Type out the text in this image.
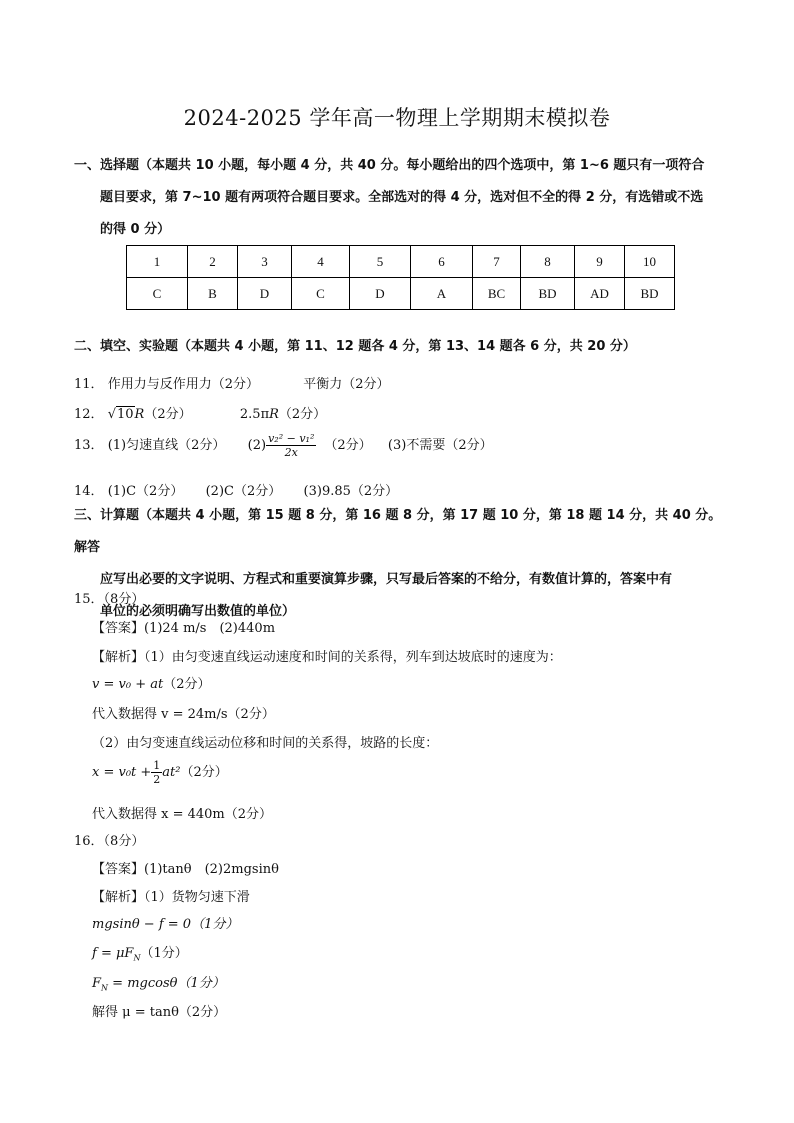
2024-2025 学年高一物理上学期期末模拟卷
一、选择题（本题共 10 小题，每小题 4 分，共 40 分。每小题给出的四个选项中，第 1~6 题只有一项符合
题目要求，第 7~10 题有两项符合题目要求。全部选对的得 4 分，选对但不全的得 2 分，有选错或不选
的得 0 分）
1	2	3	4	5	6	7	8	9	10
C	B	D	C	D	A	BC	BD	AD	BD
二、填空、实验题（本题共 4 小题，第 11、12 题各 4 分，第 13、14 题各 6 分，共 20 分）
11． 作用力与反作用力（2分）	平衡力（2分）
12． √10R（2分）	2.5πR（2分）
13． (1)匀速直线（2分） $(2) \frac{\text{v₂² − v₁²}}{2x} (2$分） (3)不需要（2分）
14． (1)C（2分） (2)C（2分） (3)9.85（2分）
三、计算题（本题共 4 小题，第 15 题 8 分，第 16 题 8 分，第 17 题 10 分，第 18 题 14 分，共 40 分。解答
应写出必要的文字说明、方程式和重要演算步骤，只写最后答案的不给分，有数值计算的，答案中有
单位的必须明确写出数值的单位）
15．（8分）
【答案】(1)24 m/s　(2)440m
【解析】（1）由匀变速直线运动速度和时间的关系得，列车到达坡底时的速度为：
v = v₀ + at（2分）
代入数据得 v = 24m/s（2分）
（2）由匀变速直线运动位移和时间的关系得，坡路的长度：
$x = v_0t + \frac{1}{2} at^2(2$分）
代入数据得 x = 440m（2分）
16．（8分）
【答案】(1)tanθ　(2)2mgsinθ
【解析】（1）货物匀速下滑
mgsinθ − f = 0（1分）
$f = \mu F_N(1$分）
$F_N = mgcos\theta(1$分）
解得 μ = tanθ（2分）
